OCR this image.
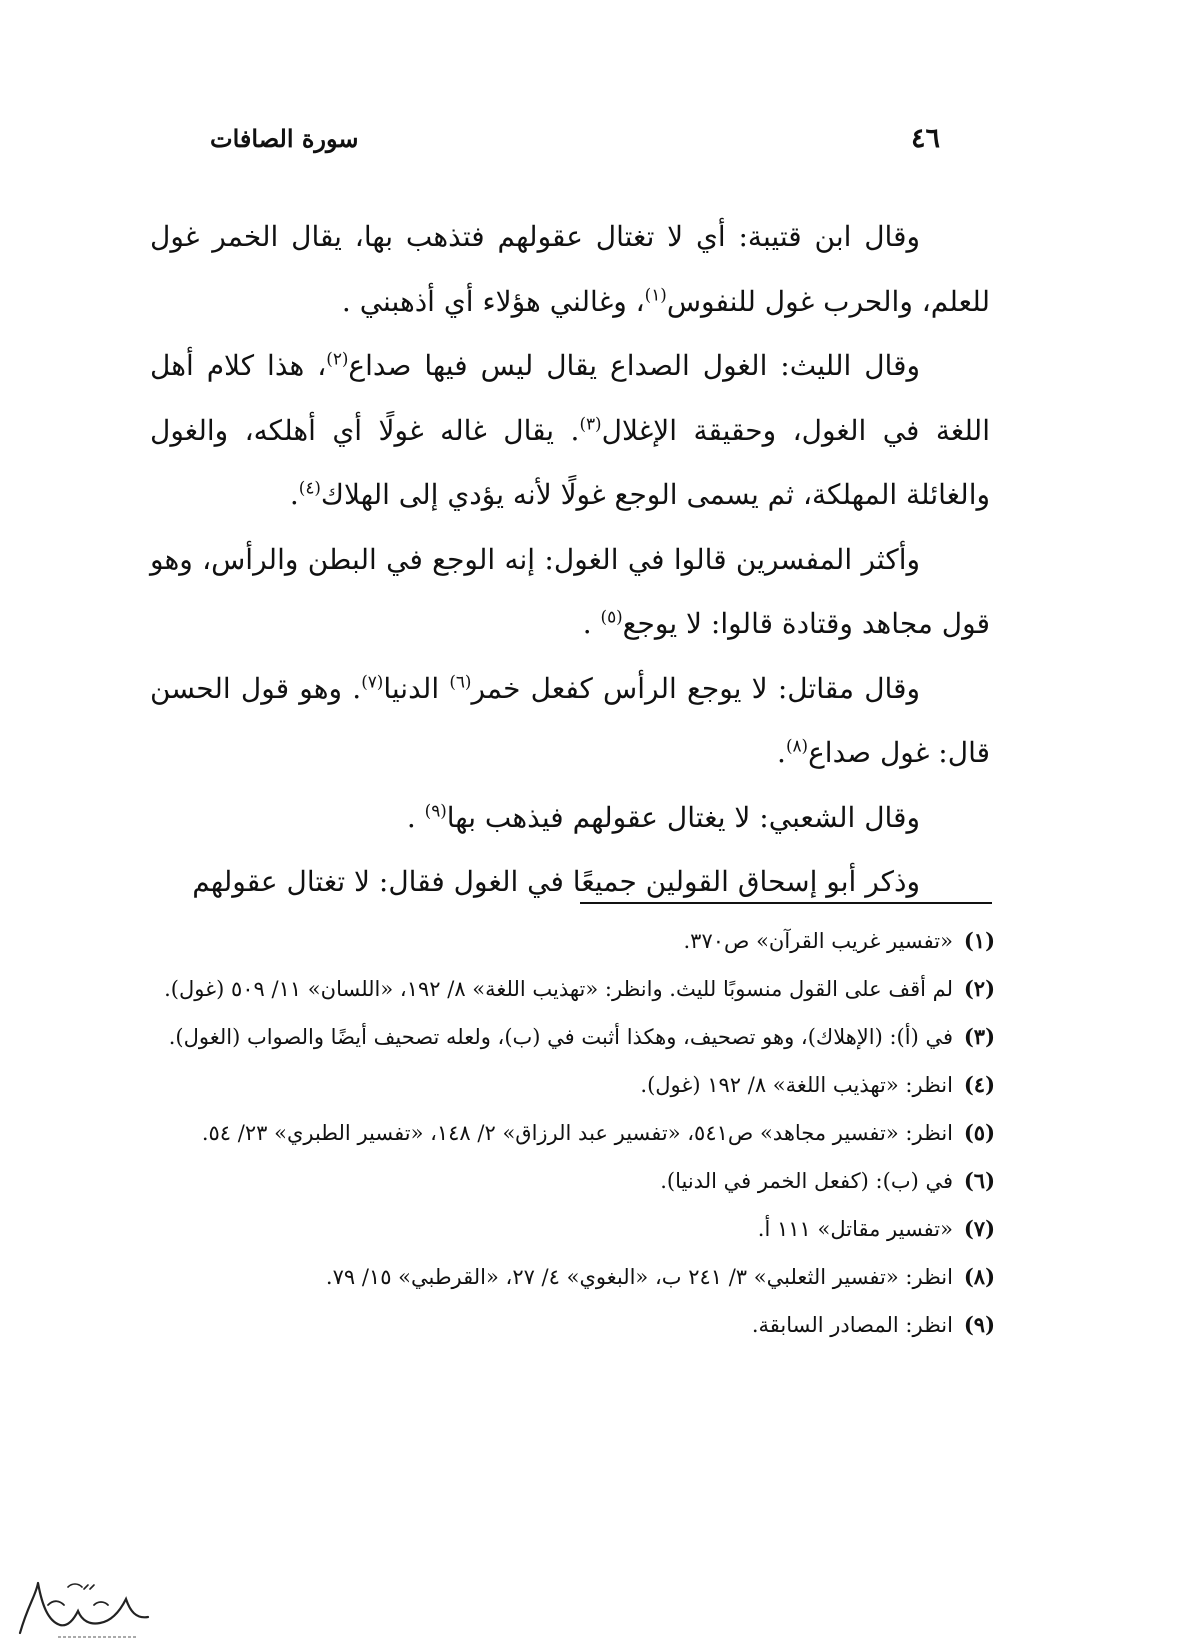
٤٦
سورة الصافات

وقال ابن قتيبة: أي لا تغتال عقولهم فتذهب بها، يقال الخمر غول للعلم، والحرب غول للنفوس$^{(١)}$، وغالني هؤلاء أي أذهبني .

وقال الليث: الغول الصداع يقال ليس فيها صداع$^{(٢)}$، هذا كلام أهل اللغة في الغول، وحقيقة الإغلال$^{(٣)}$. يقال غاله غولًا أي أهلكه، والغول والغائلة المهلكة، ثم يسمى الوجع غولًا لأنه يؤدي إلى الهلاك$^{(٤)}$.

وأكثر المفسرين قالوا في الغول: إنه الوجع في البطن والرأس، وهو قول مجاهد وقتادة قالوا: لا يوجع$^{(٥)}$ .

وقال مقاتل: لا يوجع الرأس كفعل خمر$^{(٦)}$ الدنيا$^{(٧)}$. وهو قول الحسن قال: غول صداع$^{(٨)}$.

وقال الشعبي: لا يغتال عقولهم فيذهب بها$^{(٩)}$ .

وذكر أبو إسحاق القولين جميعًا في الغول فقال: لا تغتال عقولهم

(١)«تفسير غريب القرآن» ص٣٧٠.

(٢)لم أقف على القول منسوبًا لليث. وانظر: «تهذيب اللغة» ٨/ ١٩٢، «اللسان» ١١/ ٥٠٩ (غول).

(٣)في (أ): (الإهلاك)، وهو تصحيف، وهكذا أثبت في (ب)، ولعله تصحيف أيضًا والصواب (الغول).

(٤)انظر: «تهذيب اللغة» ٨/ ١٩٢ (غول).

(٥)انظر: «تفسير مجاهد» ص٥٤١، «تفسير عبد الرزاق» ٢/ ١٤٨، «تفسير الطبري» ٢٣/ ٥٤.

(٦)في (ب): (كفعل الخمر في الدنيا).

(٧)«تفسير مقاتل» ١١١ أ.

(٨)انظر: «تفسير الثعلبي» ٣/ ٢٤١ ب، «البغوي» ٤/ ٢٧، «القرطبي» ١٥/ ٧٩.

(٩)انظر: المصادر السابقة.
